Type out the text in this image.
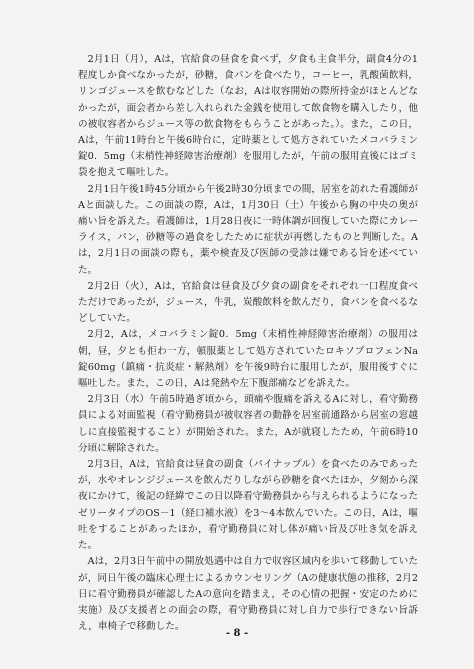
2月1日（月），Aは，官給食の昼食を食べず，夕食も主食半分，副食4分の1程度しか食べなかったが，砂糖，食パンを食べたり，コーヒー，乳酸菌飲料，リンゴジュースを飲むなどした（なお，Aは収容開始の際所持金がほとんどなかったが，面会者から差し入れられた金銭を使用して飲食物を購入したり，他の被収容者からジュース等の飲食物をもらうことがあった。）。また，この日，Aは，午前11時台と午後6時台に，定時薬として処方されていたメコバラミン錠0．5mg（末梢性神経障害治療剤）を服用したが，午前の服用直後にはゴミ袋を抱えて嘔吐した。

2月1日午後1時45分頃から午後2時30分頃までの間，居室を訪れた看護師がAと面談した。この面談の際，Aは，1月30日（土）午後から胸の中央の奥が痛い旨を訴えた。看護師は，1月28日夜に一時体調が回復していた際にカレーライス，パン，砂糖等の過食をしたために症状が再燃したものと判断した。Aは，2月1日の面談の際も，薬や検査及び医師の受診は嫌である旨を述べていた。

2月2日（火），Aは，官給食は昼食及び夕食の副食をそれぞれ一口程度食べただけであったが，ジュース，牛乳，炭酸飲料を飲んだり，食パンを食べるなどしていた。

2月2，Aは，メコバラミン錠0．5mg（末梢性神経障害治療剤）の服用は朝，昼，夕とも拒わ一方，頓服薬として処方されていたロキソプロフェンNa錠60mg（鎮痛・抗炎症・解熱剤）を午後9時台に服用したが，服用後すぐに嘔吐した。また，この日，Aは発熱や左下腹部痛などを訴えた。

2月3日（水）午前5時過ぎ頃から，頭痛や腹痛を訴えるAに対し，看守勤務員による対面監視（看守勤務員が被収容者の動静を居室前通路から居室の窓越しに直接監視すること）が開始された。また，Aが就寝したため，午前6時10分頃に解除された。

2月3日，Aは，官給食は昼食の副食（パイナップル）を食べたのみであったが，水やオレンジジュースを飲んだりしながら砂糖を食べたほか，夕刻から深夜にかけて，後記の経緯でこの日以降看守勤務員から与えられるようになったゼリータイプのOS－1（経口補水液）を3～4本飲んでいた。この日，Aは，嘔吐をすることがあったほか，看守勤務員に対し体が痛い旨及び吐き気を訴えた。

Aは，2月3日午前中の開放処遇中は自力で収容区域内を歩いて移動していたが，同日午後の臨床心理士によるカウンセリング（Aの健康状態の推移，2月2日に看守勤務員が確認したAの意向を踏まえ，その心情の把握・安定のために実施）及び支援者との面会の際，看守勤務員に対し自力で歩行できない旨訴え，車椅子で移動した。

- 8 -
